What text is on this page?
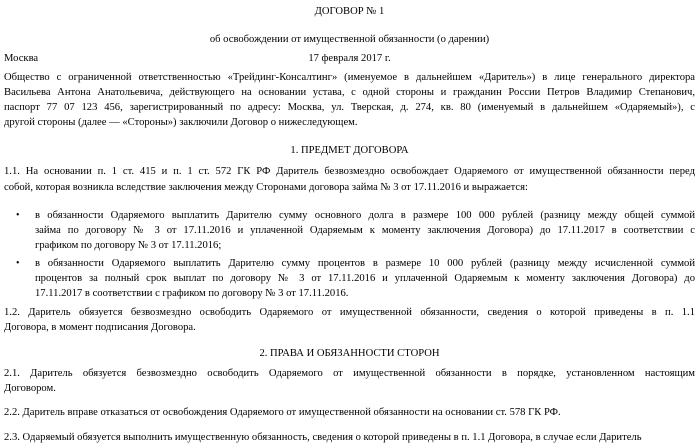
ДОГОВОР № 1

об освобождении от имущественной обязанности (о дарении)

Москва	17 февраля 2017 г.

Общество с ограниченной ответственностью «Трейдинг-Консалтинг» (именуемое в дальнейшем «Даритель») в лице генерального директора

Васильева Антона Анатольевича, действующего на основании устава, с одной стороны и гражданин России Петров Владимир Степанович,

паспорт 77 07 123 456, зарегистрированный по адресу: Москва, ул. Тверская, д. 274, кв. 80 (именуемый в дальнейшем «Одаряемый»), с

другой стороны (далее — «Стороны») заключили Договор о нижеследующем.

1. ПРЕДМЕТ ДОГОВОРА

1.1. На основании п. 1 ст. 415 и п. 1 ст. 572 ГК РФ Даритель безвозмездно освобождает Одаряемого от имущественной обязанности перед

собой, которая возникла вследствие заключения между Сторонами договора займа № 3 от 17.11.2016 и выражается:

• в обязанности Одаряемого выплатить Дарителю сумму основного долга в размере 100 000 рублей (разницу между общей суммой

займа по договору № 3 от 17.11.2016 и уплаченной Одаряемым к моменту заключения Договора) до 17.11.2017 в соответствии с

графиком по договору № 3 от 17.11.2016;

• в обязанности Одаряемого выплатить Дарителю сумму процентов в размере 10 000 рублей (разницу между исчисленной суммой

процентов за полный срок выплат по договору № 3 от 17.11.2016 и уплаченной Одаряемым к моменту заключения Договора) до

17.11.2017 в соответствии с графиком по договору № 3 от 17.11.2016.

1.2. Даритель обязуется безвозмездно освободить Одаряемого от имущественной обязанности, сведения о которой приведены в п. 1.1

Договора, в момент подписания Договора.

2. ПРАВА И ОБЯЗАННОСТИ СТОРОН

2.1. Даритель обязуется безвозмездно освободить Одаряемого от имущественной обязанности в порядке, установленном настоящим

Договором.

2.2. Даритель вправе отказаться от освобождения Одаряемого от имущественной обязанности на основании ст. 578 ГК РФ.

2.3. Одаряемый обязуется выполнить имущественную обязанность, сведения о которой приведены в п. 1.1 Договора, в случае если Даритель
